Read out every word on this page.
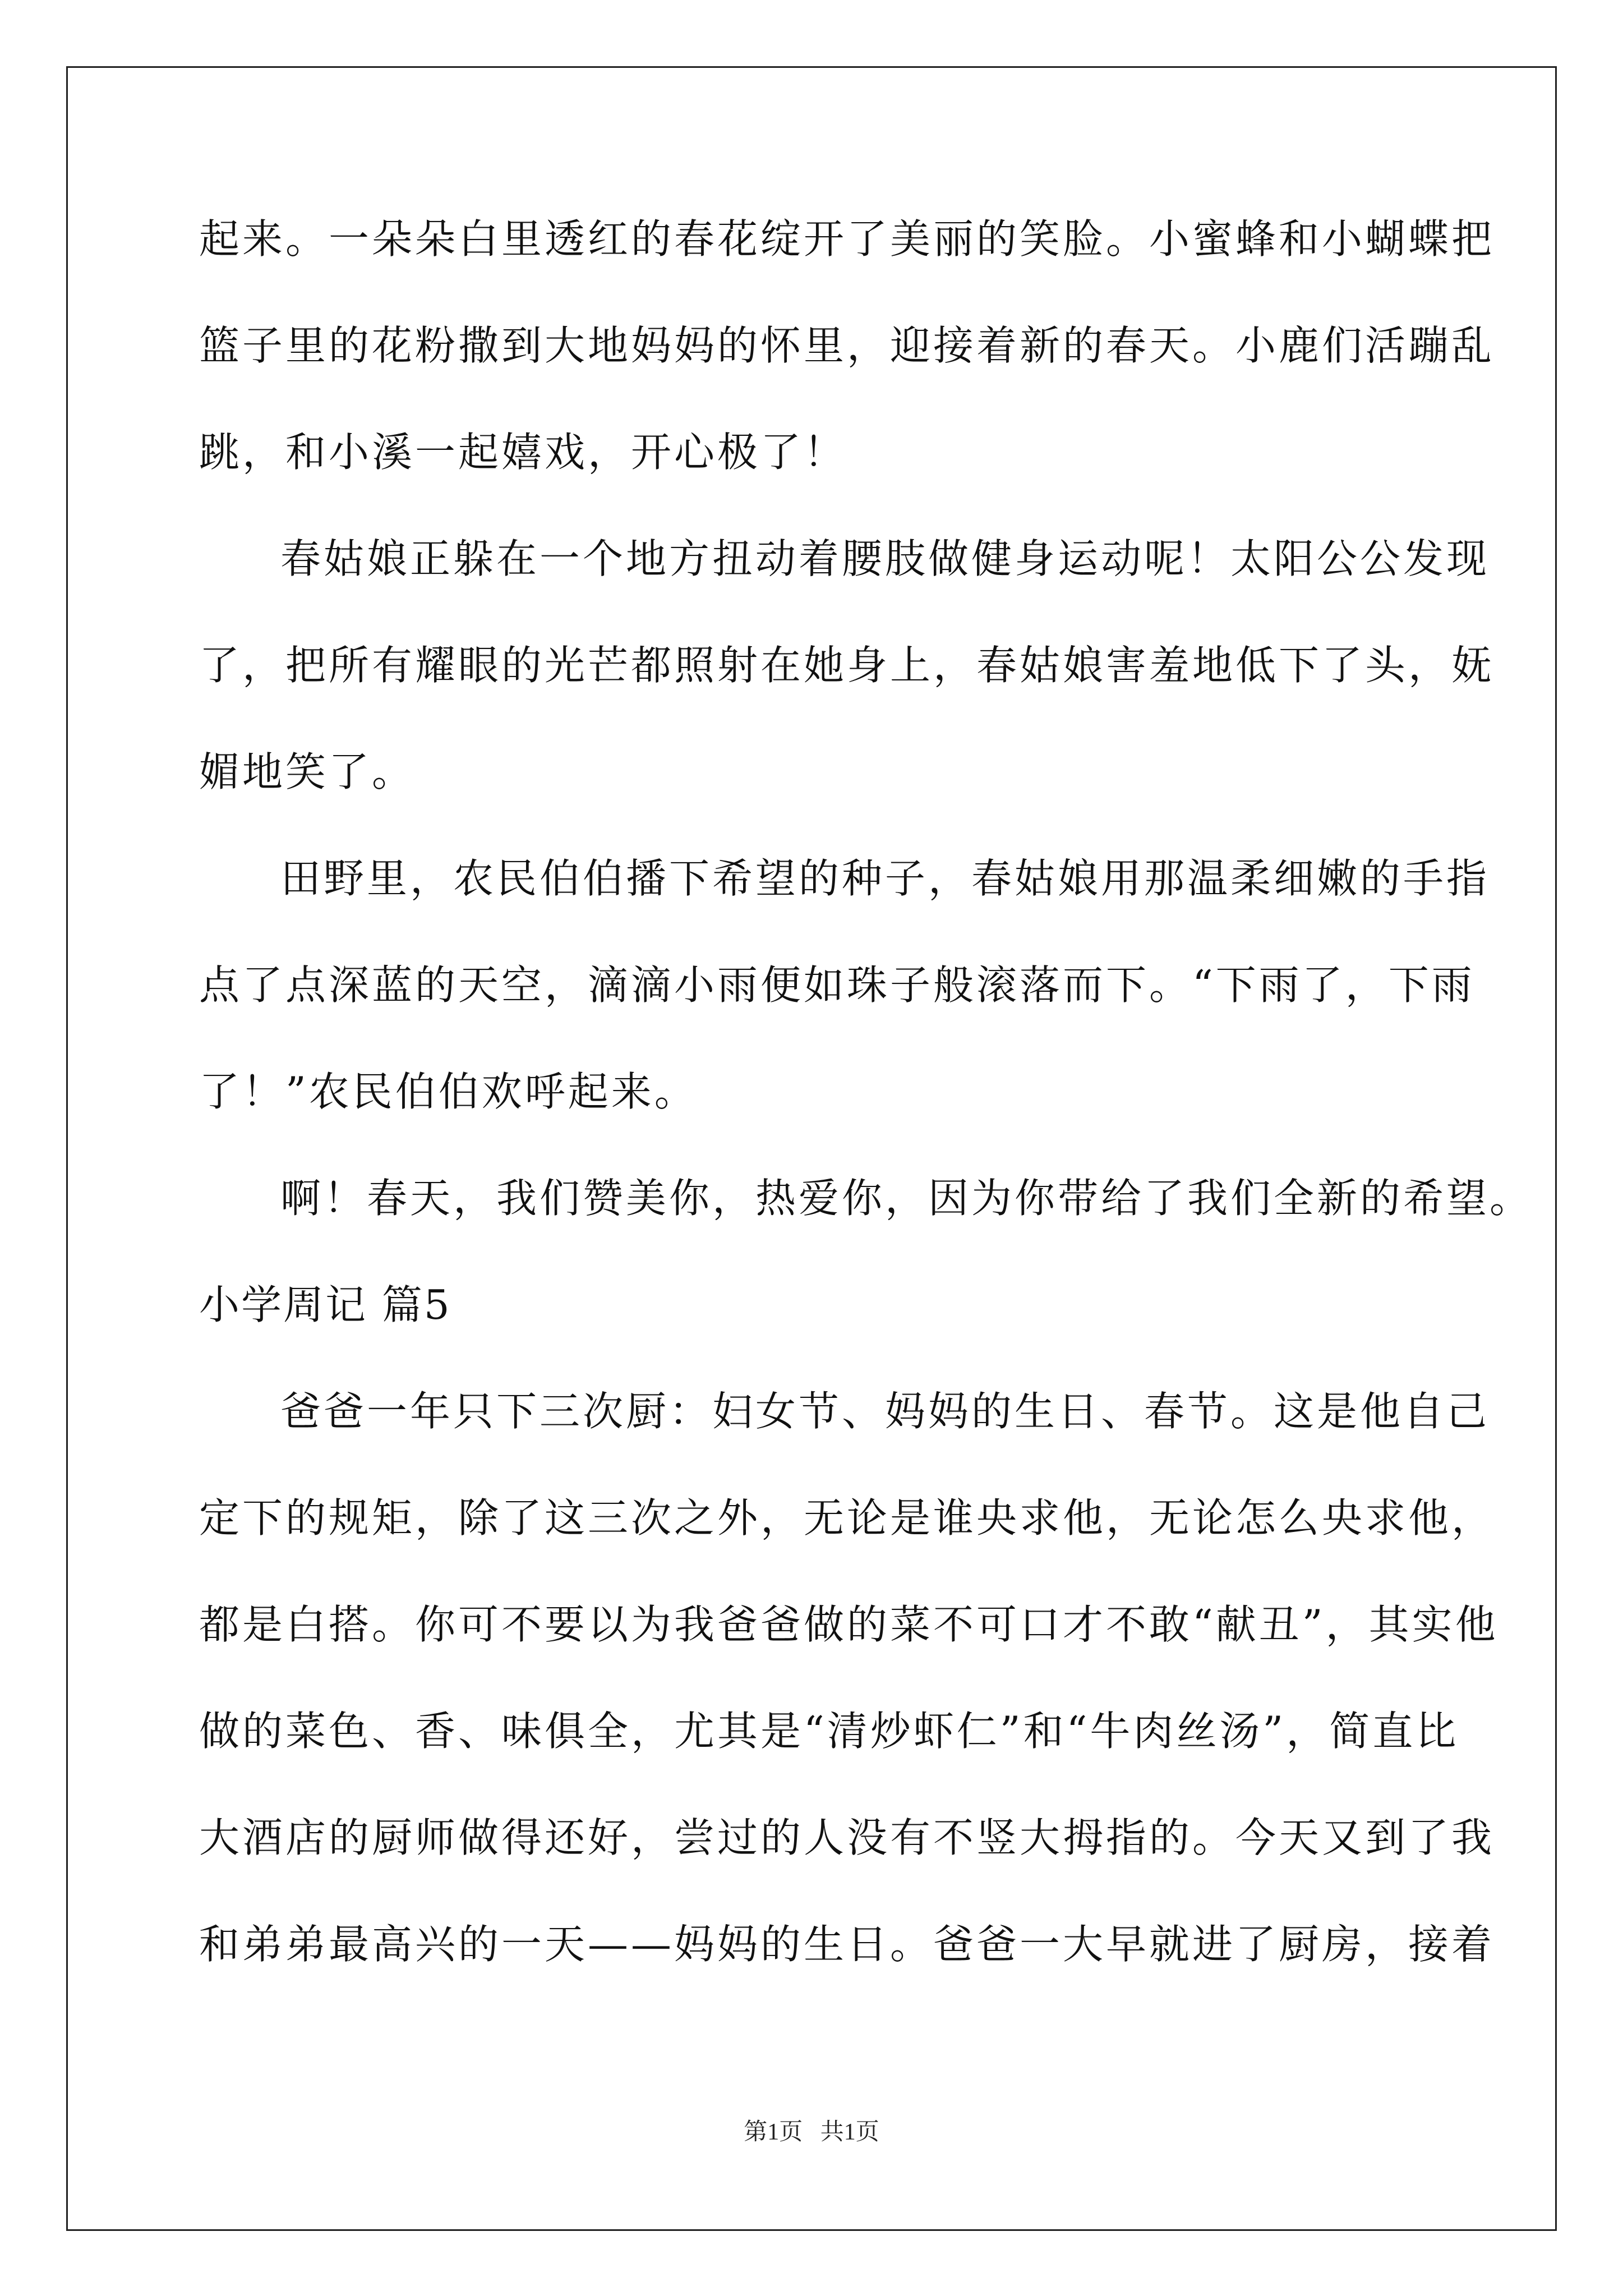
起来。一朵朵白里透红的春花绽开了美丽的笑脸。小蜜蜂和小蝴蝶把
篮子里的花粉撒到大地妈妈的怀里，迎接着新的春天。小鹿们活蹦乱
跳，和小溪一起嬉戏，开心极了！
春姑娘正躲在一个地方扭动着腰肢做健身运动呢！太阳公公发现
了，把所有耀眼的光芒都照射在她身上，春姑娘害羞地低下了头，妩
媚地笑了。
田野里，农民伯伯播下希望的种子，春姑娘用那温柔细嫩的手指
点了点深蓝的天空，滴滴小雨便如珠子般滚落而下。“下雨了，下雨
了！”农民伯伯欢呼起来。
啊！春天，我们赞美你，热爱你，因为你带给了我们全新的希望。
小学周记 篇5
爸爸一年只下三次厨：妇女节、妈妈的生日、春节。这是他自己
定下的规矩，除了这三次之外，无论是谁央求他，无论怎么央求他，
都是白搭。你可不要以为我爸爸做的菜不可口才不敢“献丑”，其实他
做的菜色、香、味俱全，尤其是“清炒虾仁”和“牛肉丝汤”，简直比
大酒店的厨师做得还好，尝过的人没有不竖大拇指的。今天又到了我
和弟弟最高兴的一天——妈妈的生日。爸爸一大早就进了厨房，接着
第1页   共1页
